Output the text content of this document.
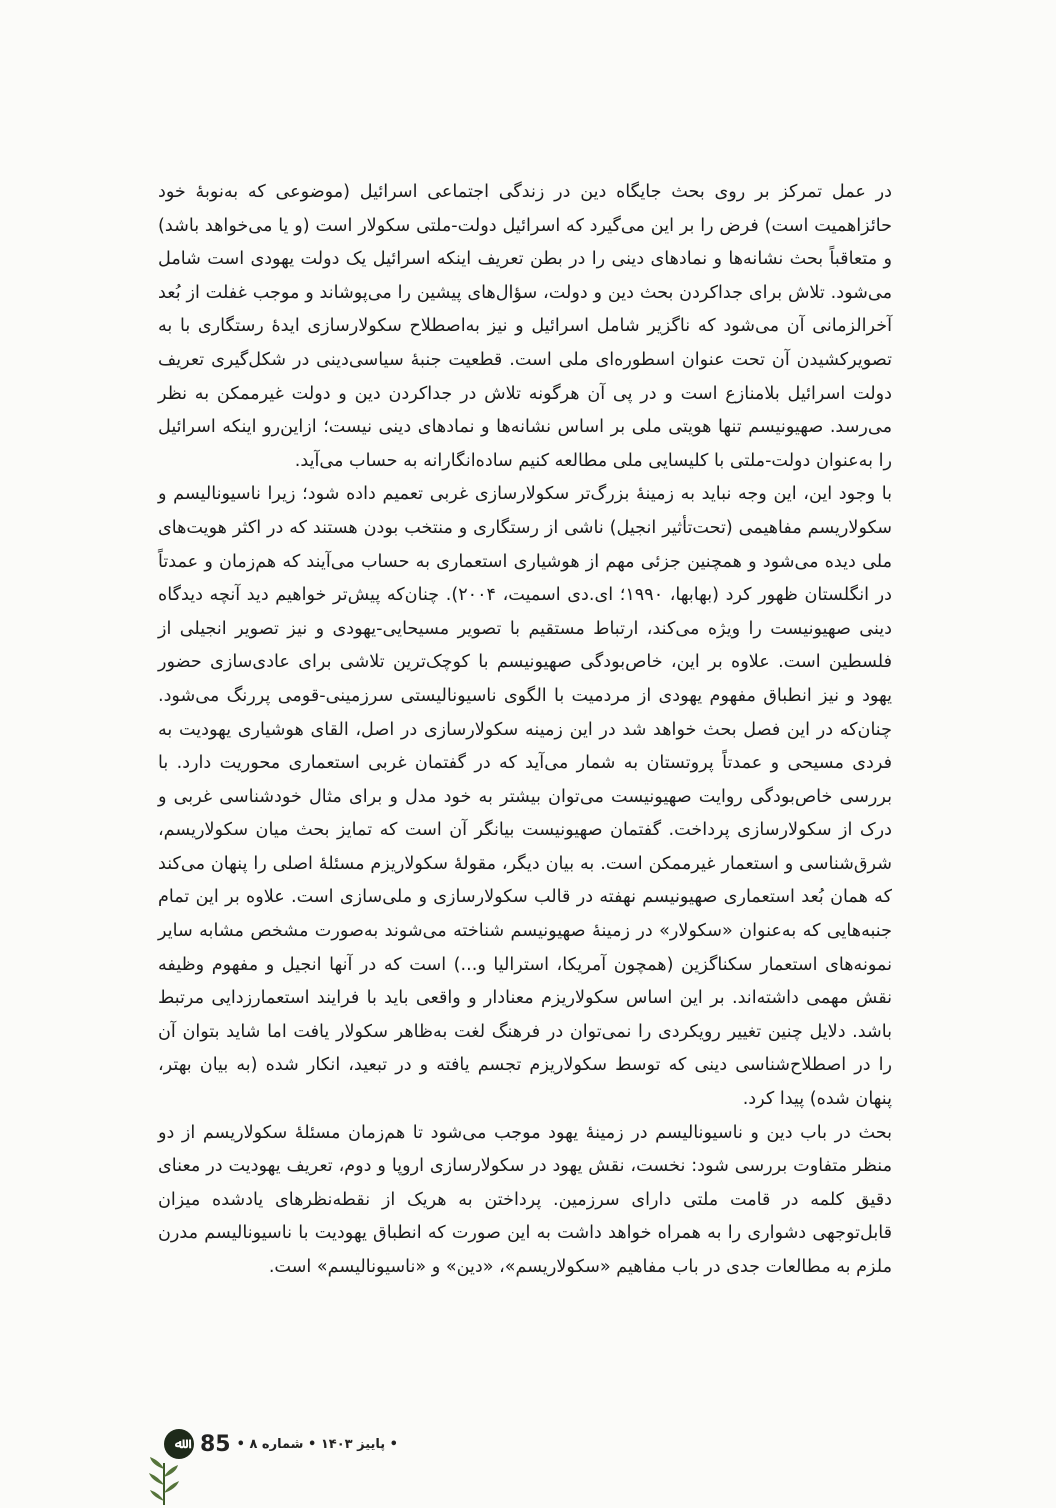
در عمل تمرکز بر روی بحث جایگاه دین در زندگی اجتماعی اسرائیل (موضوعی که به‌نوبهٔ خود حائزاهمیت است) فرض را بر این می‌گیرد که اسرائیل دولت-ملتی سکولار است (و یا می‌خواهد باشد) و متعاقباً بحث نشانه‌ها و نمادهای دینی را در بطن تعریف اینکه اسرائیل یک دولت یهودی است شامل می‌شود. تلاش برای جداکردن بحث دین و دولت، سؤال‌های پیشین را می‌پوشاند و موجب غفلت از بُعد آخرالزمانی آن می‌شود که ناگزیر شامل اسرائیل و نیز به‌اصطلاح سکولارسازی ایدهٔ رستگاری با به تصویرکشیدن آن تحت عنوان اسطوره‌ای ملی است. قطعیت جنبهٔ سیاسی‌دینی در شکل‌گیری تعریف دولت اسرائیل بلامنازع است و در پی آن هرگونه تلاش در جداکردن دین و دولت غیرممکن به نظر می‌رسد. صهیونیسم تنها هویتی ملی بر اساس نشانه‌ها و نمادهای دینی نیست؛ ازاین‌رو اینکه اسرائیل را به‌عنوان دولت-ملتی با کلیسایی ملی مطالعه کنیم ساده‌انگارانه به حساب می‌آید.

با وجود این، این وجه نباید به زمینهٔ بزرگ‌تر سکولارسازی غربی تعمیم داده شود؛ زیرا ناسیونالیسم و سکولاریسم مفاهیمی (تحت‌تأثیر انجیل) ناشی از رستگاری و منتخب بودن هستند که در اکثر هویت‌های ملی دیده می‌شود و همچنین جزئی مهم از هوشیاری استعماری به حساب می‌آیند که هم‌زمان و عمدتاً در انگلستان ظهور کرد (بهابها، ۱۹۹۰؛ ای.دی اسمیت، ۲۰۰۴). چنان‌که پیش‌تر خواهیم دید آنچه دیدگاه دینی صهیونیست را ویژه می‌کند، ارتباط مستقیم با تصویر مسیحایی-یهودی و نیز تصویر انجیلی از فلسطین است. علاوه بر این، خاص‌بودگی صهیونیسم با کوچک‌ترین تلاشی برای عادی‌سازی حضور یهود و نیز انطباق مفهوم یهودی از مردمیت با الگوی ناسیونالیستی سرزمینی-قومی پررنگ می‌شود. چنان‌که در این فصل بحث خواهد شد در این زمینه سکولارسازی در اصل، القای هوشیاری یهودیت به فردی مسیحی و عمدتاً پروتستان به شمار می‌آید که در گفتمان غربی استعماری محوریت دارد. با بررسی خاص‌بودگی روایت صهیونیست می‌توان بیشتر به خود مدل و برای مثال خودشناسی غربی و درک از سکولارسازی پرداخت. گفتمان صهیونیست بیانگر آن است که تمایز بحث میان سکولاریسم، شرق‌شناسی و استعمار غیرممکن است. به بیان دیگر، مقولهٔ سکولاریزم مسئلهٔ اصلی را پنهان می‌کند که همان بُعد استعماری صهیونیسم نهفته در قالب سکولارسازی و ملی‌سازی است. علاوه بر این تمام جنبه‌هایی که به‌عنوان «سکولار» در زمینهٔ صهیونیسم شناخته می‌شوند به‌صورت مشخص مشابه سایر نمونه‌های استعمار سکنا‌گزین (همچون آمریکا، استرالیا و...) است که در آنها انجیل و مفهوم وظیفه نقش مهمی داشته‌اند. بر این اساس سکولاریزم معنادار و واقعی باید با فرایند استعمارزدایی مرتبط باشد. دلایل چنین تغییر رویکردی را نمی‌توان در فرهنگ لغت به‌ظاهر سکولار یافت اما شاید بتوان آن را در اصطلاح‌شناسی دینی که توسط سکولاریزم تجسم یافته و در تبعید، انکار شده (به بیان بهتر، پنهان شده) پیدا کرد.

بحث در باب دین و ناسیونالیسم در زمینهٔ یهود موجب می‌شود تا هم‌زمان مسئلهٔ سکولاریسم از دو منظر متفاوت بررسی شود: نخست، نقش یهود در سکولارسازی اروپا و دوم، تعریف یهودیت در معنای دقیق کلمه در قامت ملتی دارای سرزمین. پرداختن به هریک از نقطه‌نظرهای یادشده میزان قابل‌توجهی دشواری را به همراه خواهد داشت به این صورت که انطباق یهودیت با ناسیونالیسم مدرن ملزم به مطالعات جدی در باب مفاهیم «سکولاریسم»، «دین» و «ناسیونالیسم» است.

• پاییز ۱۴۰۳ • شماره ۸ •
85
ﷲ
